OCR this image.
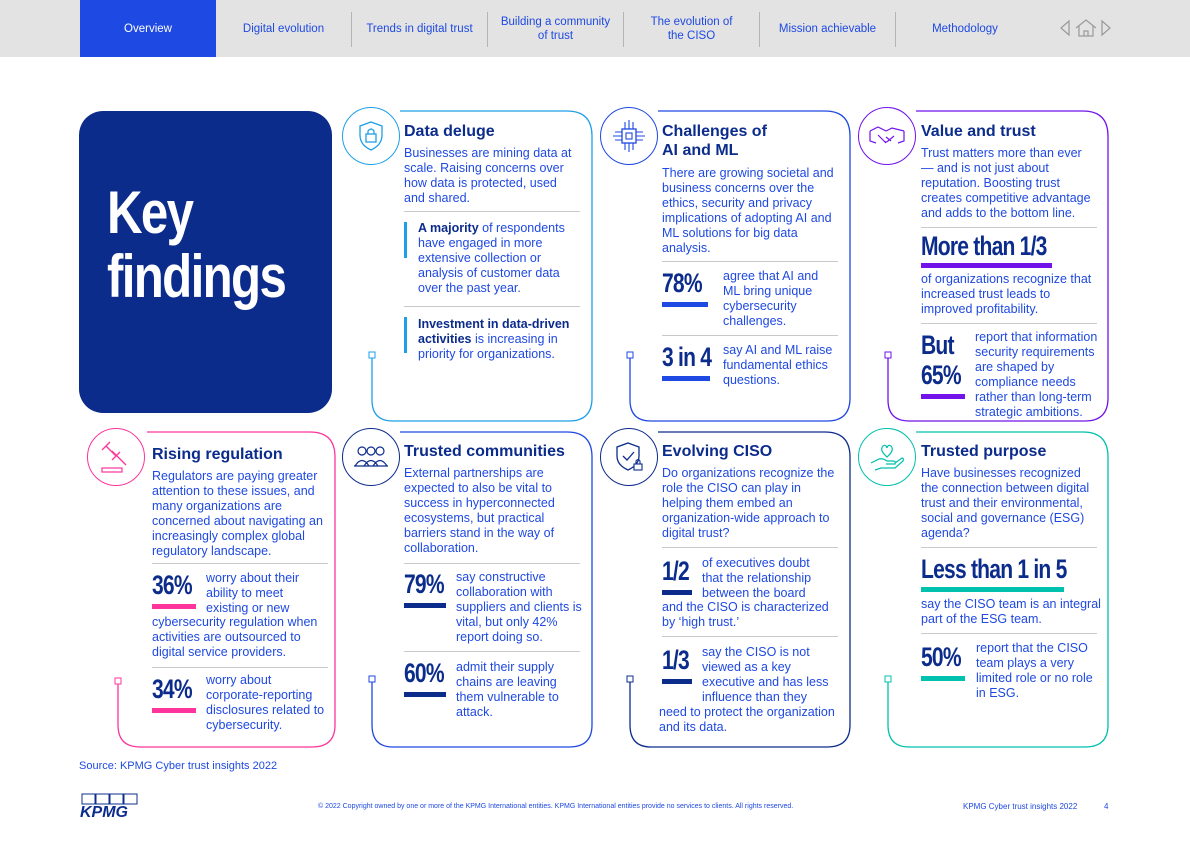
Overview	Digital evolution	Trends in digital trust
Building a community of trust
The evolution of the CISO
Mission achievable	Methodology
Key
findings
Data deluge
Businesses are mining data at scale. Raising concerns over how data is protected, used and shared.
A majority of respondents have engaged in more extensive collection or analysis of customer data over the past year.
Investment in data-driven activities is increasing in priority for organizations.
Challenges of
AI and ML
There are growing societal and business concerns over the ethics, security and privacy implications of adopting AI and ML solutions for big data analysis.
78% agree that AI and ML bring unique cybersecurity challenges.
3 in 4 say AI and ML raise fundamental ethics questions.
Value and trust
Trust matters more than ever — and is not just about reputation. Boosting trust creates competitive advantage and adds to the bottom line.
More than 1/3
of organizations recognize that increased trust leads to improved profitability.
But
65%
report that information security requirements are shaped by compliance needs rather than long-term strategic ambitions.
Rising regulation
Regulators are paying greater attention to these issues, and many organizations are concerned about navigating an increasingly complex global regulatory landscape.
36% worry about their ability to meet existing or new
cybersecurity regulation when activities are outsourced to digital service providers.
34% worry about corporate-reporting disclosures related to cybersecurity.
Trusted communities
External partnerships are expected to also be vital to success in hyperconnected ecosystems, but practical barriers stand in the way of collaboration.
79% say constructive collaboration with suppliers and clients is vital, but only 42% report doing so.
60% admit their supply chains are leaving them vulnerable to attack.
Evolving CISO
Do organizations recognize the role the CISO can play in helping them embed an organization-wide approach to digital trust?
1/2 of executives doubt that the relationship between the board
and the CISO is characterized by ‘high trust.’
1/3 say the CISO is not viewed as a key executive and has less influence than they
need to protect the organization and its data.
Trusted purpose
Have businesses recognized the connection between digital trust and their environmental, social and governance (ESG) agenda?
Less than 1 in 5
say the CISO team is an integral part of the ESG team.
50% report that the CISO team plays a very limited role or no role in ESG.
Source: KPMG Cyber trust insights 2022
KPMG	© 2022 Copyright owned by one or more of the KPMG International entities. KPMG International entities provide no services to clients. All rights reserved.	KPMG Cyber trust insights 2022	4
